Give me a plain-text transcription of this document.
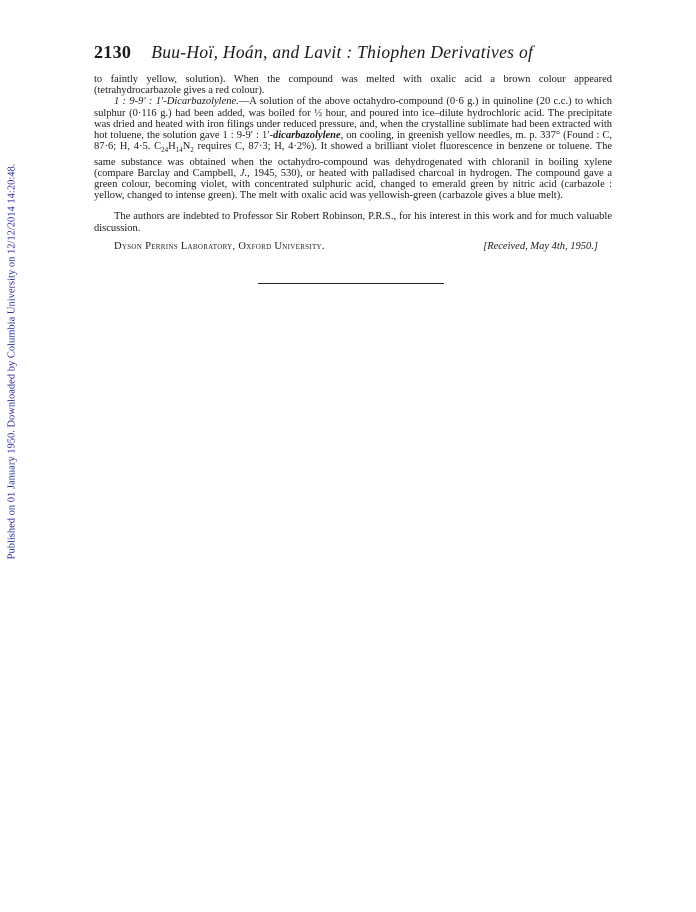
Published on 01 January 1950. Downloaded by Columbia University on 12/12/2014 14:20:48.
2130 Buu-Hoï, Hoán, and Lavit : Thiophen Derivatives of

to faintly yellow, solution). When the compound was melted with oxalic acid a brown colour appeared (tetrahydrocarbazole gives a red colour).

1 : 9-9′ : 1′-Dicarbazolylene.—A solution of the above octahydro-compound (0·6 g.) in quinoline (20 c.c.) to which sulphur (0·116 g.) had been added, was boiled for ½ hour, and poured into ice–dilute hydrochloric acid. The precipitate was dried and heated with iron filings under reduced pressure, and, when the crystalline sublimate had been extracted with hot toluene, the solution gave 1 : 9-9′ : 1′-dicarbazolylene, on cooling, in greenish yellow needles, m. p. 337° (Found : C, 87·6; H, 4·5. $C_{24}H_{14}N_2$ requires C, 87·3; H, 4·2%). It showed a brilliant violet fluorescence in benzene or toluene. The same substance was obtained when the octahydro-compound was dehydrogenated with chloranil in boiling xylene (compare Barclay and Campbell, J., 1945, 530), or heated with palladised charcoal in hydrogen. The compound gave a green colour, becoming violet, with concentrated sulphuric acid, changed to emerald green by nitric acid (carbazole : yellow, changed to intense green). The melt with oxalic acid was yellowish-green (carbazole gives a blue melt).

The authors are indebted to Professor Sir Robert Robinson, P.R.S., for his interest in this work and for much valuable discussion.

Dyson Perrins Laboratory, Oxford University.	[Received, May 4th, 1950.]
